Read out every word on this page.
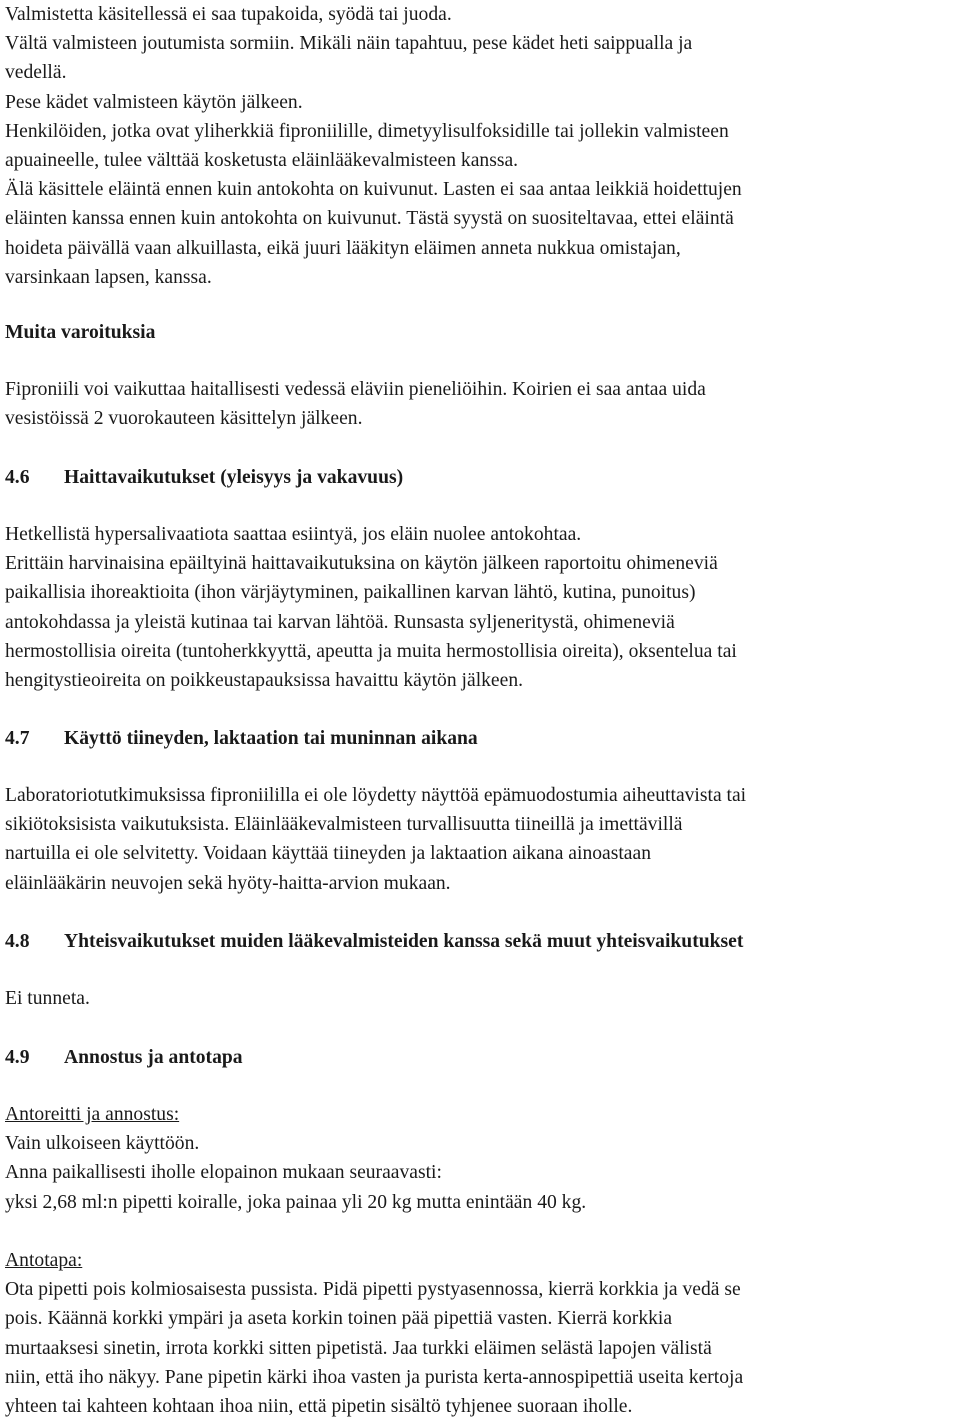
Valmistetta käsitellessä ei saa tupakoida, syödä tai juoda.
Vältä valmisteen joutumista sormiin. Mikäli näin tapahtuu, pese kädet heti saippualla ja
vedellä.
Pese kädet valmisteen käytön jälkeen.
Henkilöiden, jotka ovat yliherkkiä fiproniilille, dimetyylisulfoksidille tai jollekin valmisteen
apuaineelle, tulee välttää kosketusta eläinlääkevalmisteen kanssa.
Älä käsittele eläintä ennen kuin antokohta on kuivunut. Lasten ei saa antaa leikkiä hoidettujen
eläinten kanssa ennen kuin antokohta on kuivunut. Tästä syystä on suositeltavaa, ettei eläintä
hoideta päivällä vaan alkuillasta, eikä juuri lääkityn eläimen anneta nukkua omistajan,
varsinkaan lapsen, kanssa.
Muita varoituksia
Fiproniili voi vaikuttaa haitallisesti vedessä eläviin pieneliöihin. Koirien ei saa antaa uida
vesistöissä 2 vuorokauteen käsittelyn jälkeen.
4.6 Haittavaikutukset (yleisyys ja vakavuus)
Hetkellistä hypersalivaatiota saattaa esiintyä, jos eläin nuolee antokohtaa.
Erittäin harvinaisina epäiltyinä haittavaikutuksina on käytön jälkeen raportoitu ohimeneviä
paikallisia ihoreaktioita (ihon värjäytyminen, paikallinen karvan lähtö, kutina, punoitus)
antokohdassa ja yleistä kutinaa tai karvan lähtöä. Runsasta syljeneritystä, ohimeneviä
hermostollisia oireita (tuntoherkkyyttä, apeutta ja muita hermostollisia oireita), oksentelua tai
hengitystieoireita on poikkeustapauksissa havaittu käytön jälkeen.
4.7 Käyttö tiineyden, laktaation tai muninnan aikana
Laboratoriotutkimuksissa fiproniililla ei ole löydetty näyttöä epämuodostumia aiheuttavista tai
sikiötoksisista vaikutuksista. Eläinlääkevalmisteen turvallisuutta tiineillä ja imettävillä
nartuilla ei ole selvitetty. Voidaan käyttää tiineyden ja laktaation aikana ainoastaan
eläinlääkärin neuvojen sekä hyöty-haitta-arvion mukaan.
4.8 Yhteisvaikutukset muiden lääkevalmisteiden kanssa sekä muut yhteisvaikutukset
Ei tunneta.
4.9 Annostus ja antotapa
Antoreitti ja annostus:
Vain ulkoiseen käyttöön.
Anna paikallisesti iholle elopainon mukaan seuraavasti:
yksi 2,68 ml:n pipetti koiralle, joka painaa yli 20 kg mutta enintään 40 kg.
Antotapa:
Ota pipetti pois kolmiosaisesta pussista. Pidä pipetti pystyasennossa, kierrä korkkia ja vedä se
pois. Käännä korkki ympäri ja aseta korkin toinen pää pipettiä vasten. Kierrä korkkia
murtaaksesi sinetin, irrota korkki sitten pipetistä. Jaa turkki eläimen selästä lapojen välistä
niin, että iho näkyy. Pane pipetin kärki ihoa vasten ja purista kerta-annospipettiä useita kertoja
yhteen tai kahteen kohtaan ihoa niin, että pipetin sisältö tyhjenee suoraan iholle.
